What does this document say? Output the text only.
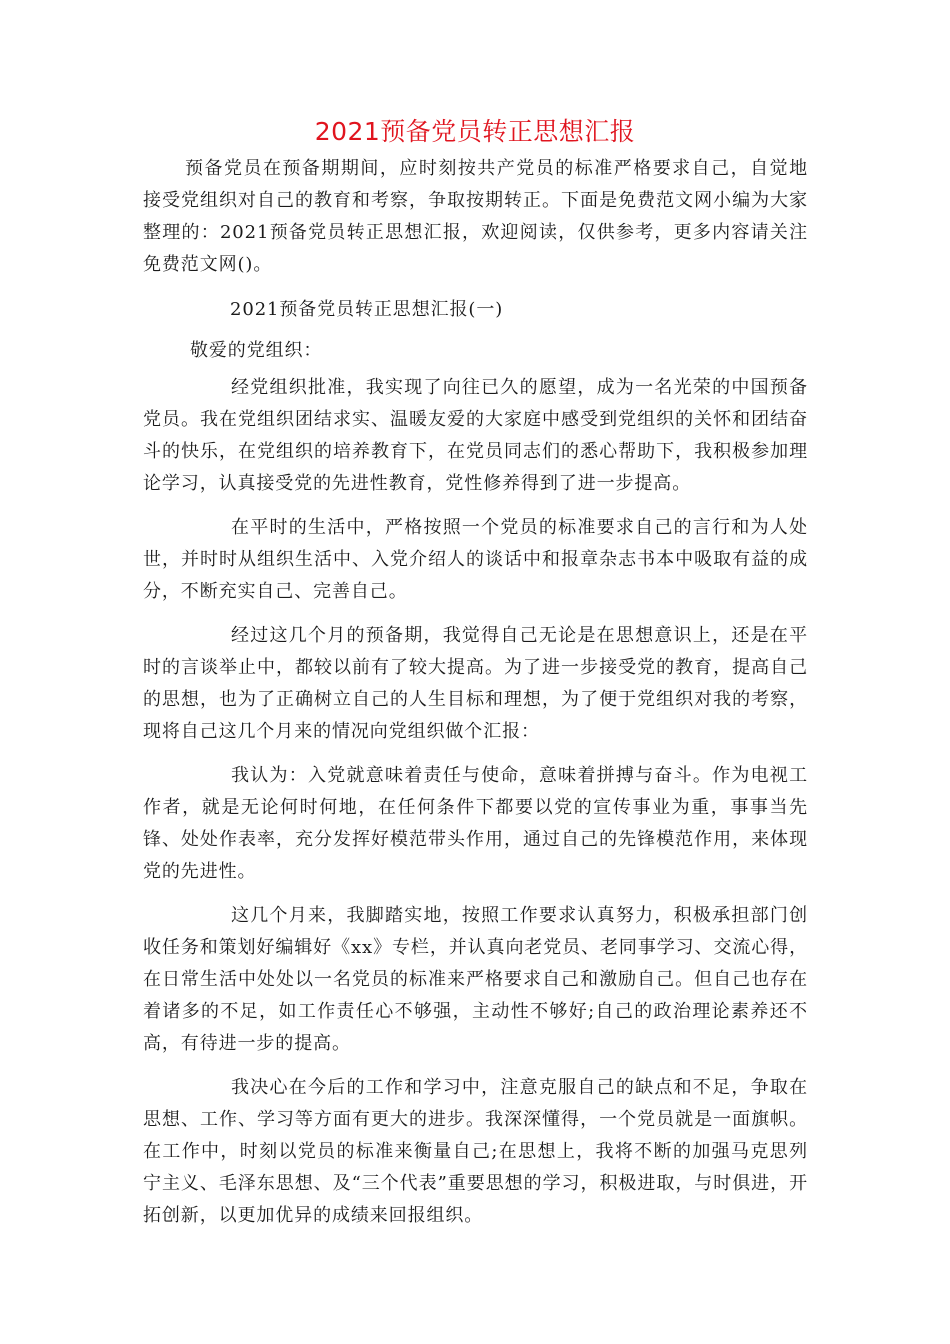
2021预备党员转正思想汇报

预备党员在预备期期间，应时刻按共产党员的标准严格要求自己，自觉地接受党组织对自己的教育和考察，争取按期转正。下面是免费范文网小编为大家整理的：2021预备党员转正思想汇报，欢迎阅读，仅供参考，更多内容请关注免费范文网()。

2021预备党员转正思想汇报(一)

敬爱的党组织：

经党组织批准，我实现了向往已久的愿望，成为一名光荣的中国预备党员。我在党组织团结求实、温暖友爱的大家庭中感受到党组织的关怀和团结奋斗的快乐，在党组织的培养教育下，在党员同志们的悉心帮助下，我积极参加理论学习，认真接受党的先进性教育，党性修养得到了进一步提高。

在平时的生活中，严格按照一个党员的标准要求自己的言行和为人处世，并时时从组织生活中、入党介绍人的谈话中和报章杂志书本中吸取有益的成分，不断充实自己、完善自己。

经过这几个月的预备期，我觉得自己无论是在思想意识上，还是在平时的言谈举止中，都较以前有了较大提高。为了进一步接受党的教育，提高自己的思想，也为了正确树立自己的人生目标和理想，为了便于党组织对我的考察，现将自己这几个月来的情况向党组织做个汇报：

我认为：入党就意味着责任与使命，意味着拼搏与奋斗。作为电视工作者，就是无论何时何地，在任何条件下都要以党的宣传事业为重，事事当先锋、处处作表率，充分发挥好模范带头作用，通过自己的先锋模范作用，来体现党的先进性。

这几个月来，我脚踏实地，按照工作要求认真努力，积极承担部门创收任务和策划好编辑好《xx》专栏，并认真向老党员、老同事学习、交流心得，在日常生活中处处以一名党员的标准来严格要求自己和激励自己。但自己也存在着诸多的不足，如工作责任心不够强，主动性不够好;自己的政治理论素养还不高，有待进一步的提高。

我决心在今后的工作和学习中，注意克服自己的缺点和不足，争取在思想、工作、学习等方面有更大的进步。我深深懂得，一个党员就是一面旗帜。在工作中，时刻以党员的标准来衡量自己;在思想上，我将不断的加强马克思列宁主义、毛泽东思想、及“三个代表”重要思想的学习，积极进取，与时俱进，开拓创新，以更加优异的成绩来回报组织。
